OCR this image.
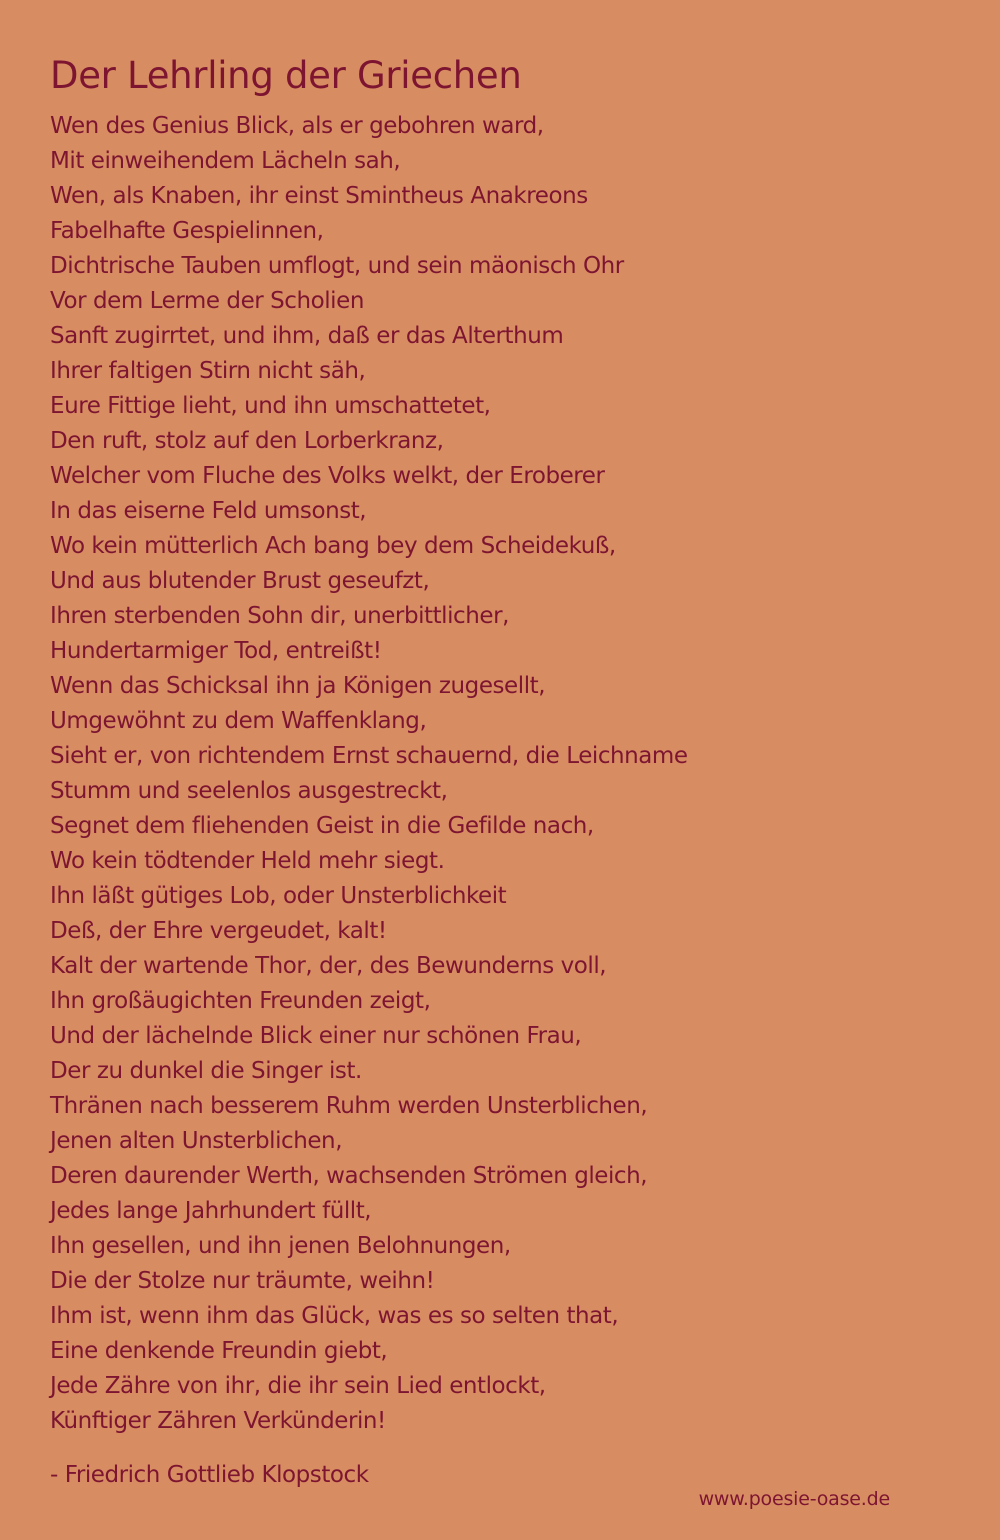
Der Lehrling der Griechen
Wen des Genius Blick, als er gebohren ward,
Mit einweihendem Lächeln sah,
Wen, als Knaben, ihr einst Smintheus Anakreons
Fabelhafte Gespielinnen,
Dichtrische Tauben umflogt, und sein mäonisch Ohr
Vor dem Lerme der Scholien
Sanft zugirrtet, und ihm, daß er das Alterthum
Ihrer faltigen Stirn nicht säh,
Eure Fittige lieht, und ihn umschattetet,
Den ruft, stolz auf den Lorberkranz,
Welcher vom Fluche des Volks welkt, der Eroberer
In das eiserne Feld umsonst,
Wo kein mütterlich Ach bang bey dem Scheidekuß,
Und aus blutender Brust geseufzt,
Ihren sterbenden Sohn dir, unerbittlicher,
Hundertarmiger Tod, entreißt!
Wenn das Schicksal ihn ja Königen zugesellt,
Umgewöhnt zu dem Waffenklang,
Sieht er, von richtendem Ernst schauernd, die Leichname
Stumm und seelenlos ausgestreckt,
Segnet dem fliehenden Geist in die Gefilde nach,
Wo kein tödtender Held mehr siegt.
Ihn läßt gütiges Lob, oder Unsterblichkeit
Deß, der Ehre vergeudet, kalt!
Kalt der wartende Thor, der, des Bewunderns voll,
Ihn großäugichten Freunden zeigt,
Und der lächelnde Blick einer nur schönen Frau,
Der zu dunkel die Singer ist.
Thränen nach besserem Ruhm werden Unsterblichen,
Jenen alten Unsterblichen,
Deren daurender Werth, wachsenden Strömen gleich,
Jedes lange Jahrhundert füllt,
Ihn gesellen, und ihn jenen Belohnungen,
Die der Stolze nur träumte, weihn!
Ihm ist, wenn ihm das Glück, was es so selten that,
Eine denkende Freundin giebt,
Jede Zähre von ihr, die ihr sein Lied entlockt,
Künftiger Zähren Verkünderin!
- Friedrich Gottlieb Klopstock
www.poesie-oase.de
